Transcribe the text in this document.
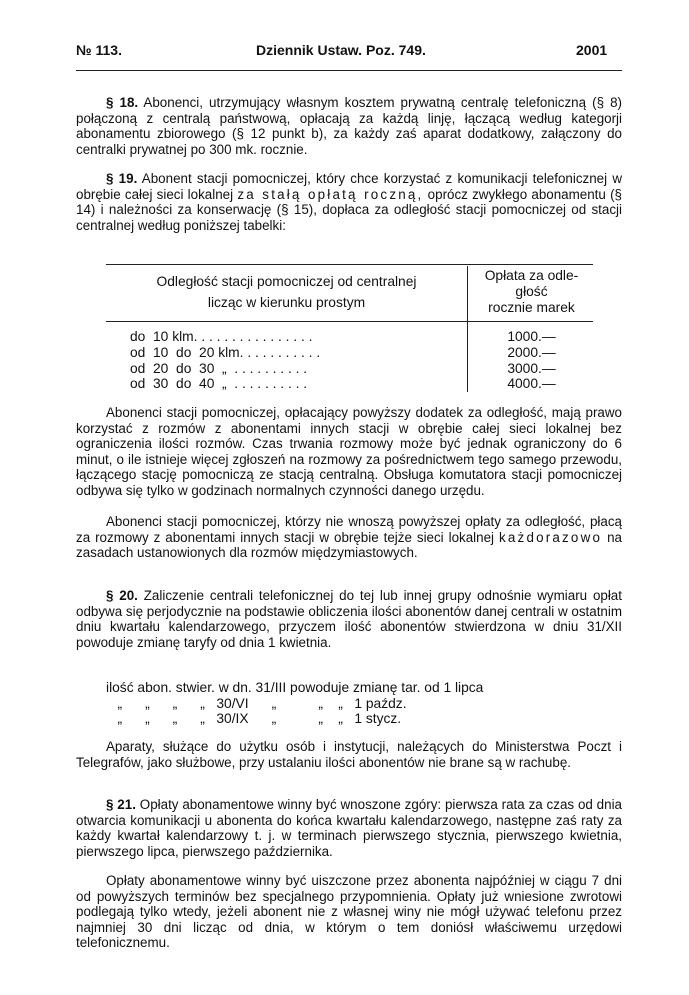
№ 113.	Dziennik Ustaw. Poz. 749.	2001

§ 18. Abonenci, utrzymujący własnym kosztem prywatną centralę telefoniczną (§ 8) połączoną z centralą państwową, opłacają za każdą linję, łączącą według kategorji abonamentu zbiorowego (§ 12 punkt b), za każdy zaś aparat dodatkowy, załączony do centralki prywatnej po 300 mk. rocznie.

§ 19. Abonent stacji pomocniczej, który chce korzystać z komunikacji telefonicznej w obrębie całej sieci lokalnej za stałą opłatą roczną, oprócz zwykłego abonamentu (§ 14) i należności za konserwację (§ 15), dopłaca za odległość stacji pomocniczej od stacji centralnej według poniższej tabelki:

Odległość stacji pomocniczej od centralnej
licząc w kierunku prostym
Opłata za odle-
głość
rocznie marek
do  10 klm. . . . . . . . . . . . . . . .	1000.—
od  10  do  20 klm. . . . . . . . . . .	2000.—
od  20  do  30  „  . . . . . . . . . .	3000.—
od  30  do  40  „  . . . . . . . . . .	4000.—

Abonenci stacji pomocniczej, opłacający powyższy dodatek za odległość, mają prawo korzystać z rozmów z abonentami innych stacji w obrębie całej sieci lokalnej bez ograniczenia ilości rozmów. Czas trwania rozmowy może być jednak ograniczony do 6 minut, o ile istnieje więcej zgłoszeń na rozmowy za pośrednictwem tego samego przewodu, łączącego stację pomocniczą ze stacją centralną. Obsługa komutatora stacji pomocniczej odbywa się tylko w godzinach normalnych czynności danego urzędu.

Abonenci stacji pomocniczej, którzy nie wnoszą powyższej opłaty za odległość, płacą za rozmowy z abonentami innych stacji w obrębie tejże sieci lokalnej każdorazowo na zasadach ustanowionych dla rozmów międzymiastowych.

§ 20. Zaliczenie centrali telefonicznej do tej lub innej grupy odnośnie wymiaru opłat odbywa się perjodycznie na podstawie obliczenia ilości abonentów danej centrali w ostatnim dniu kwartału kalendarzowego, przyczem ilość abonentów stwierdzona w dniu 31/XII powoduje zmianę taryfy od dnia 1 kwietnia.

ilość abon. stwier. w dn. 31/III powoduje zmianę tar. od 1 lipca
„      „      „      „   30/VI      „           „    „   1 paźdz.
„      „      „      „   30/IX      „           „    „   1 stycz.

Aparaty, służące do użytku osób i instytucji, należących do Ministerstwa Poczt i Telegrafów, jako służbowe, przy ustalaniu ilości abonentów nie brane są w rachubę.

§ 21. Opłaty abonamentowe winny być wnoszone zgóry: pierwsza rata za czas od dnia otwarcia komunikacji u abonenta do końca kwartału kalendarzowego, następne zaś raty za każdy kwartał kalendarzowy t. j. w terminach pierwszego stycznia, pierwszego kwietnia, pierwszego lipca, pierwszego października.

Opłaty abonamentowe winny być uiszczone przez abonenta najpóźniej w ciągu 7 dni od powyższych terminów bez specjalnego przypomnienia. Opłaty już wniesione zwrotowi podlegają tylko wtedy, jeżeli abonent nie z własnej winy nie mógł używać telefonu przez najmniej 30 dni licząc od dnia, w którym o tem doniósł właściwemu urzędowi telefonicznemu.
